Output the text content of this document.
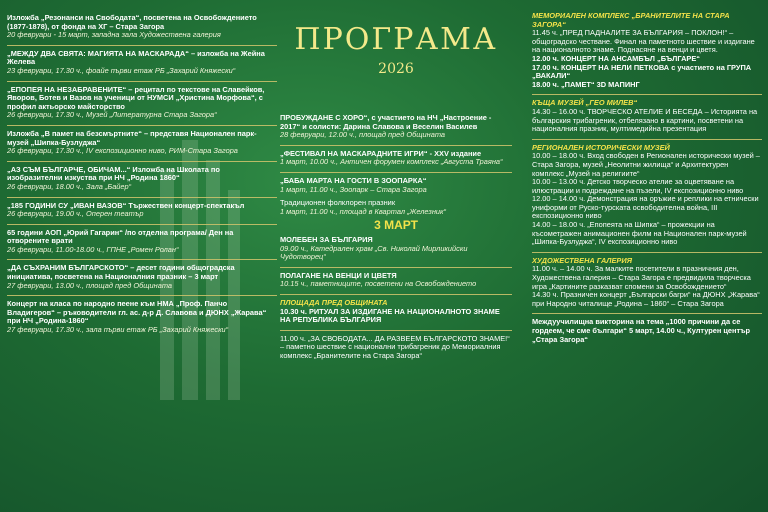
Изложба „Резонанси на Свободата“, посветена на Освобождението (1877-1878), от фонда на ХГ – Стара Загора
20 февруари - 15 март, западна зала Художествена галерия
„МЕЖДУ ДВА СВЯТА: МАГИЯТА НА МАСКАРАДА“ – изложба на Жейна Желева
23 февруари, 17.30 ч., фоайе първи етаж РБ „Захарий Княжески“
„ЕПОПЕЯ НА НЕЗАБРАВЕНИТЕ“ – рецитал по текстове на Славейков, Яворов, Ботев и Вазов на ученици от НУМСИ „Христина Морфова“, с профил актьорско майсторство
26 февруари, 17.30 ч., Музей „Литературна Стара Загора“
Изложба „В памет на безсмъртните“ – представя Национален парк-музей „Шипка-Бузлуджа“
26 февруари, 17.30 ч., IV експозиционно ниво, РИМ-Стара Загора
„АЗ СЪМ БЪЛГАРЧЕ, ОБИЧАМ...“ Изложба на Школата по изобразителни изкуства при НЧ „Родина 1860“
26 февруари, 18.00 ч., Зала „Байер“
„185 ГОДИНИ СУ „ИВАН ВАЗОВ“ Тържествен концерт-спектакъл
26 февруари, 19.00 ч., Оперен театър
65 години АОП „Юрий Гагарин“ /по отделна програма/ Ден на отворените врати
26 февруари, 11.00-18.00 ч., ГПНЕ „Ромен Ролан“
„ДА СЪХРАНИМ БЪЛГАРСКОТО“ – десет години общоградска инициатива, посветена на Националния празник – 3 март
27 февруари, 13.00 ч., площад пред Общината
Концерт на класа по народно пеене към НМА „Проф. Панчо Владигеров“ – ръководители гл. ас. д-р Д. Славова и ДЮНХ „Жарава“ при НЧ „Родина-1860“
27 февруари, 17.30 ч., зала първи етаж РБ „Захарий Княжески“
ПРОГРАМА
2026
ПРОБУЖДАНЕ С ХОРО“, с участието на НЧ „Настроение - 2017“ и солисти: Дарина Славова и Веселин Василев
28 февруари, 12.00 ч., площад пред Общината
„ФЕСТИВАЛ НА МАСКАРАДНИТЕ ИГРИ“ - XXV издание
1 март, 10.00 ч., Античен форумен комплекс „Августа Траяна“
„БАБА МАРТА НА ГОСТИ В ЗООПАРКА“
1 март, 11.00 ч., Зоопарк – Стара Загора
Традиционен фолклорен празник
1 март, 11.00 ч., площад в Квартал „Железник“
3 МАРТ
МОЛЕБЕН ЗА БЪЛГАРИЯ
09.00 ч., Катедрален храм „Св. Николай Мирликийски Чудотворец“
ПОЛАГАНЕ НА ВЕНЦИ И ЦВЕТЯ
10.15 ч., паметниците, посветени на Освобождението
ПЛОЩАДА ПРЕД ОБЩИНАТА
10.30 ч. РИТУАЛ ЗА ИЗДИГАНЕ НА НАЦИОНАЛНОТО ЗНАМЕ НА РЕПУБЛИКА БЪЛГАРИЯ
11.00 ч. „ЗА СВОБОДАТА... ДА РАЗВЕЕМ БЪЛГАРСКОТО ЗНАМЕ!“ – паметно шествие с национални трибагреник до Мемориалния комплекс „Бранителите на Стара Загора“
МЕМОРИАЛЕН КОМПЛЕКС „БРАНИТЕЛИТЕ НА СТАРА ЗАГОРА“
11.45 ч. „ПРЕД ПАДНАЛИТЕ ЗА БЪЛГАРИЯ – ПОКЛОН!“ – общоградско честване. Финал на паметното шествие и издигане на националното знаме. Поднасяне на венци и цветя.
12.00 ч. КОНЦЕРТ НА АНСАМБЪЛ „БЪЛГАРЕ“
17.00 ч. КОНЦЕРТ НА НЕЛИ ПЕТКОВА с участието на ГРУПА „ВАКАЛИ“
18.00 ч. „ПАМЕТ“ 3D МАПИНГ
КЪЩА МУЗЕЙ „ГЕО МИЛЕВ“
14.30 – 16.00 ч. ТВОРЧЕСКО АТЕЛИЕ И БЕСЕДА – Историята на българския трибагреник, отбелязано в картини, посветени на националния празник, мултимедийна презентация
РЕГИОНАЛЕН ИСТОРИЧЕСКИ МУЗЕЙ
10.00 – 18.00 ч. Вход свободен в Регионален исторически музей – Стара Загора, музей „Неолитни жилища“ и Архитектурен комплекс „Музей на религиите“
10.00 – 13.00 ч. Детско творческо ателие за оцветяване на илюстрации и подреждане на пъзели, IV експозиционно ниво
12.00 – 14.00 ч. Демонстрация на оръжие и реплики на етнически униформи от Руско-турската освободителна война, III експозиционно ниво
14.00 – 18.00 ч. „Епопеята на Шипка“ – прожекции на късометражен анимационен филм на Национален парк-музей „Шипка-Бузлуджа“, IV експозиционно ниво
ХУДОЖЕСТВЕНА ГАЛЕРИЯ
11.00 ч. – 14.00 ч. За малките посетители в празничния ден, Художествена галерия – Стара Загора е предвидила творческа игра „Картините разказват спомени за Освобождението“
14.30 ч. Празничен концерт „Български багри“ на ДЮНХ „Жарава“ при Народно читалище „Родина – 1860“ – Стара Загора
Междуучилищна викторина на тема „1000 причини да се гордеем, че сме българи“ 5 март, 14.00 ч., Културен център „Стара Загора“
